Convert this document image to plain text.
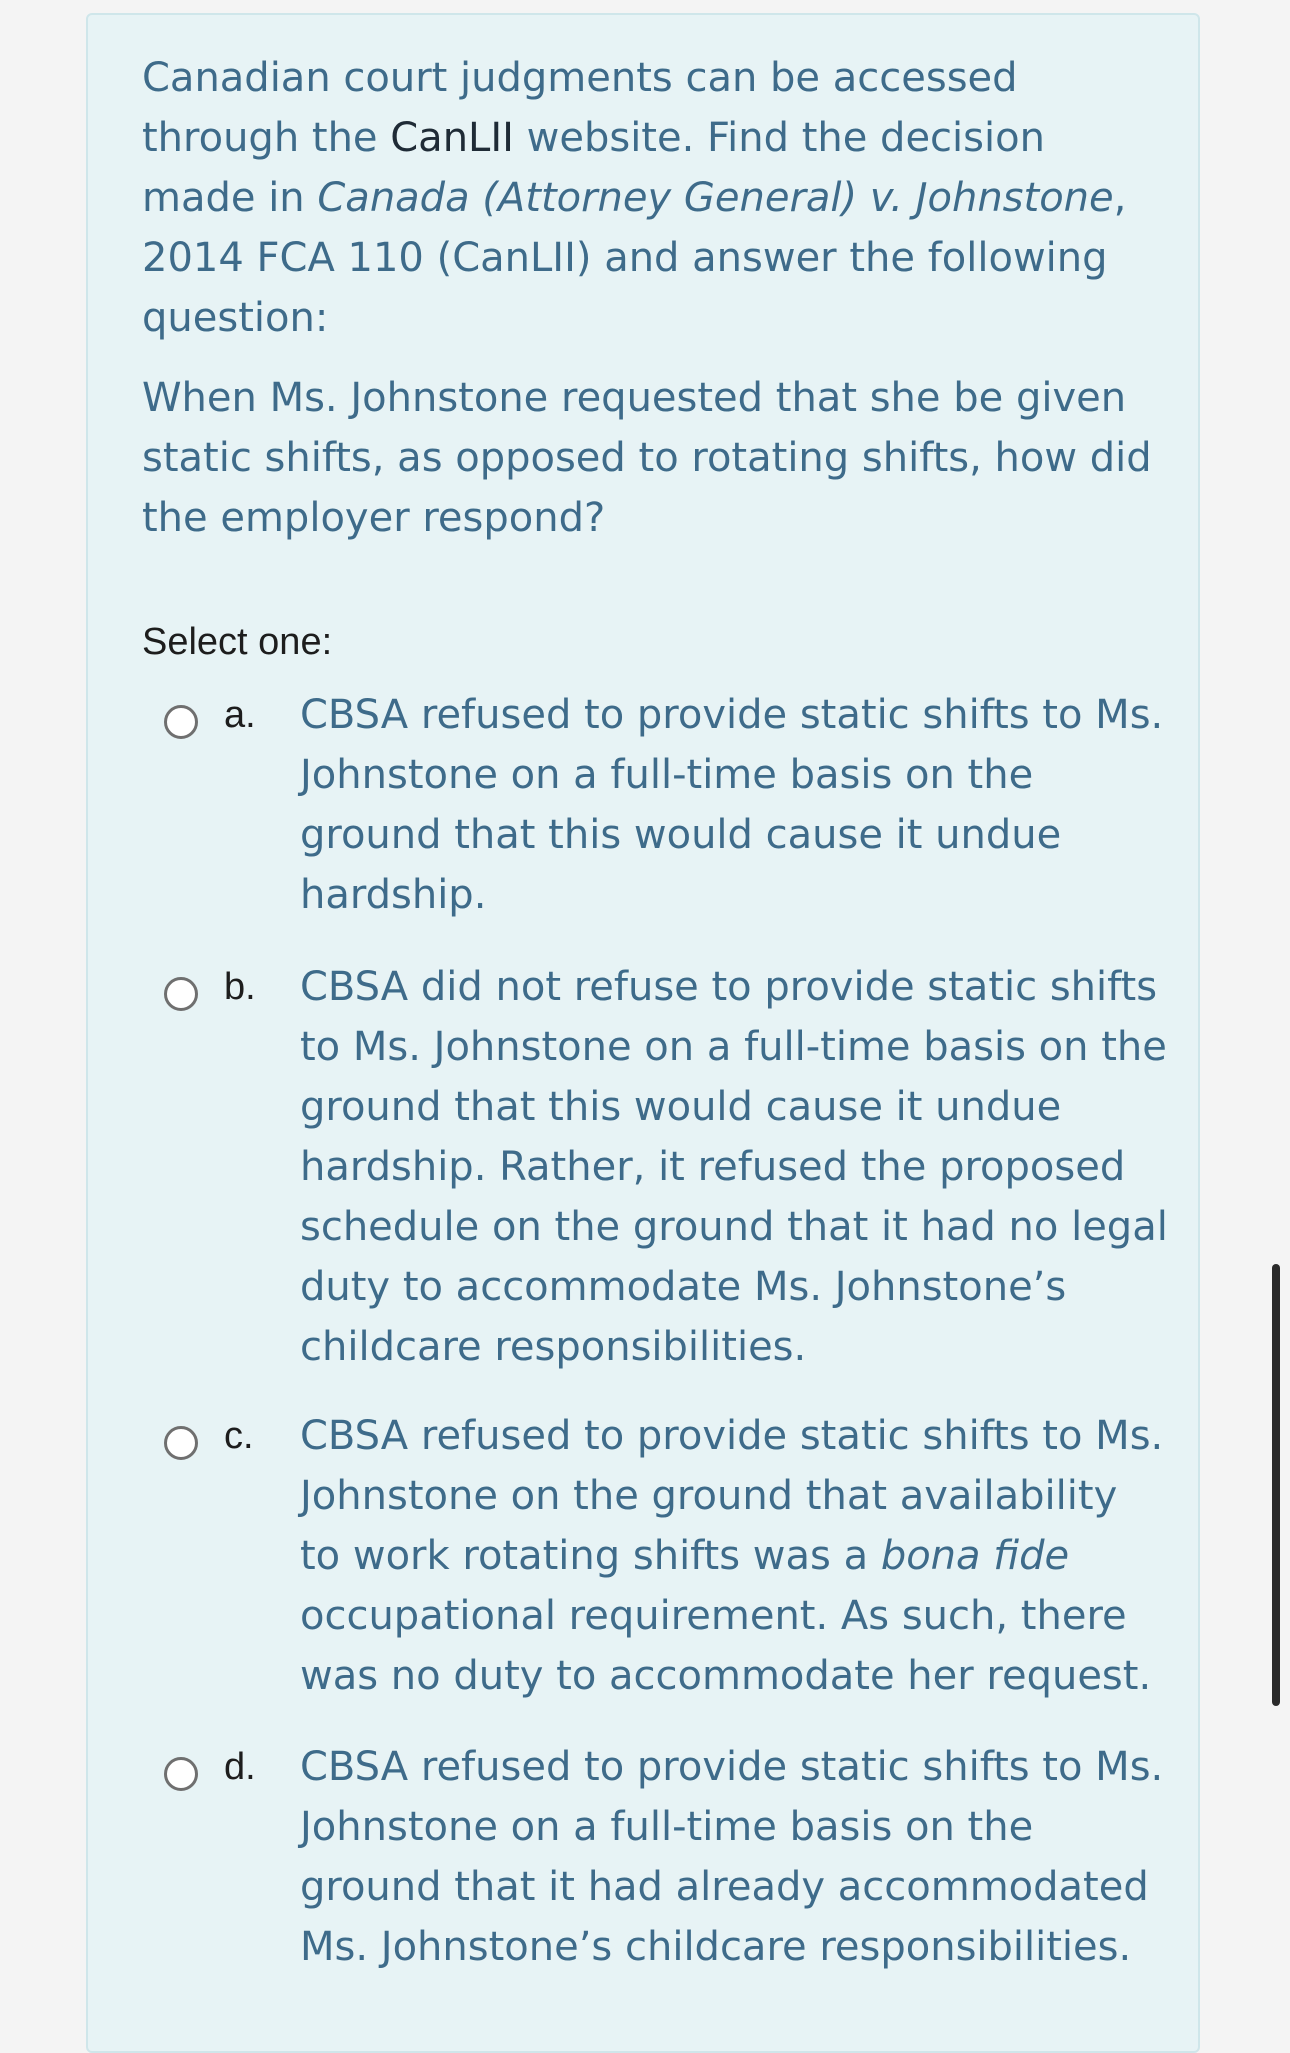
Canadian court judgments can be accessed through the CanLII website. Find the decision made in Canada (Attorney General) v. Johnstone, 2014 FCA 110 (CanLII) and answer the following question:

When Ms. Johnstone requested that she be given static shifts, as opposed to rotating shifts, how did the employer respond?

Select one:
a. CBSA refused to provide static shifts to Ms. Johnstone on a full-time basis on the ground that this would cause it undue hardship.
b. CBSA did not refuse to provide static shifts to Ms. Johnstone on a full-time basis on the ground that this would cause it undue hardship. Rather, it refused the proposed schedule on the ground that it had no legal duty to accommodate Ms. Johnstone’s childcare responsibilities.
c. CBSA refused to provide static shifts to Ms. Johnstone on the ground that availability to work rotating shifts was a bona fide occupational requirement. As such, there was no duty to accommodate her request.
d. CBSA refused to provide static shifts to Ms. Johnstone on a full-time basis on the ground that it had already accommodated Ms. Johnstone’s childcare responsibilities.
